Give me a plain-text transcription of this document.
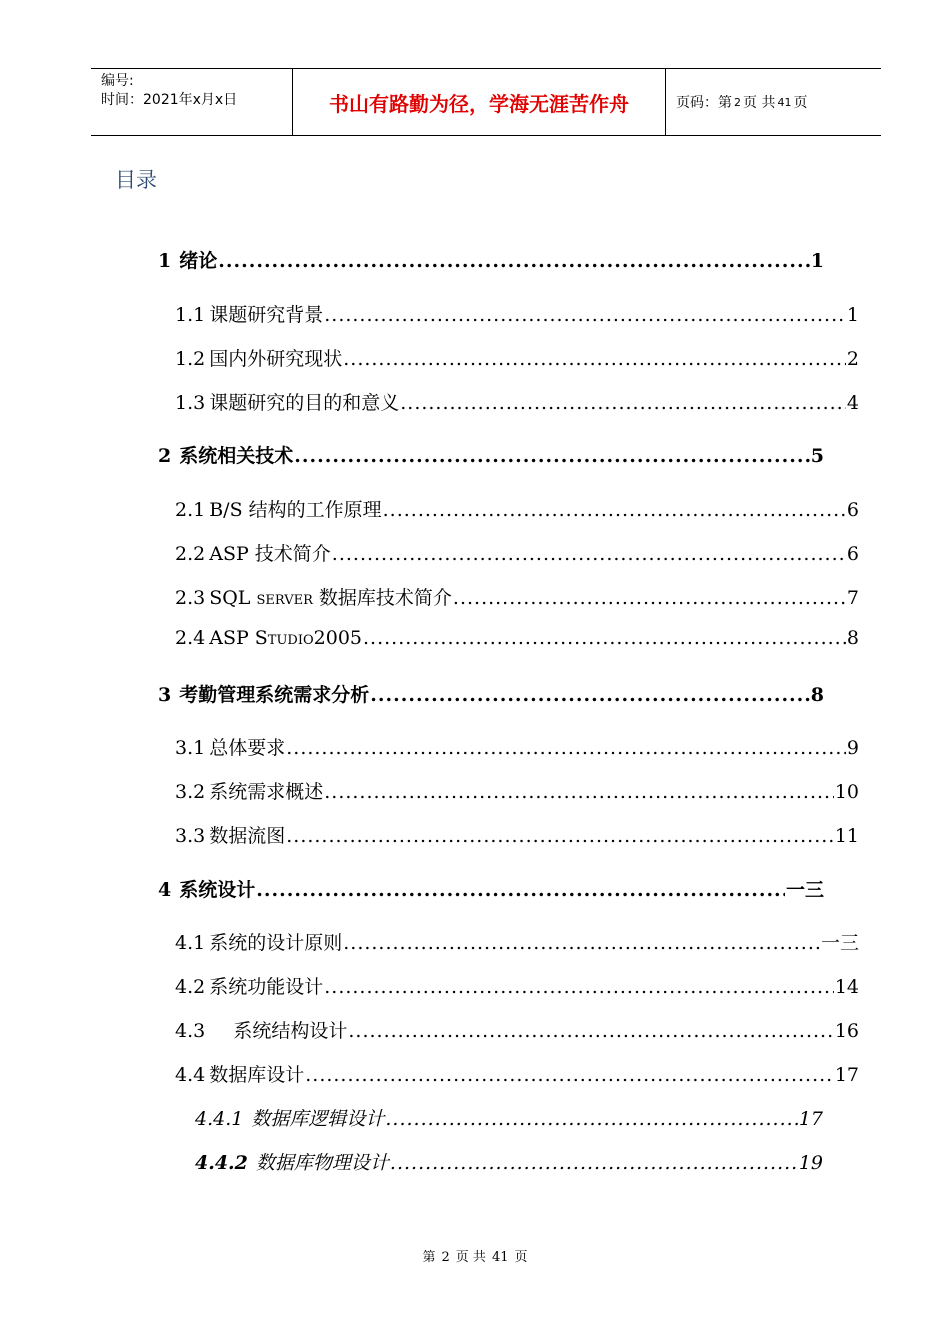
编号:
时间：2021年x月x日	书山有路勤为径，学海无涯苦作舟	页码：第 2 页 共 41 页
目录
1 绪论 .....	1
1.1 课题研究背景 .....	1
1.2 国内外研究现状 .....	2
1.3 课题研究的目的和意义 .....	4
2 系统相关技术 .....	5
2.1 B/S 结构的工作原理 .....	6
2.2 ASP 技术简介 .....	6
2.3 SQL server 数据库技术简介 .....	7
2.4 ASP Studio2005 .....	8
3 考勤管理系统需求分析 .....	8
3.1 总体要求 .....	9
3.2 系统需求概述 .....	10
3.3 数据流图 .....	11
4 系统设计 .....	一三
4.1 系统的设计原则 .....	一三
4.2 系统功能设计 .....	14
4.3 系统结构设计 .....	16
4.4 数据库设计 .....	17
4.4.1 数据库逻辑设计 .....	17
4.4.2 数据库物理设计 .....	19
第 2 页 共 41 页
